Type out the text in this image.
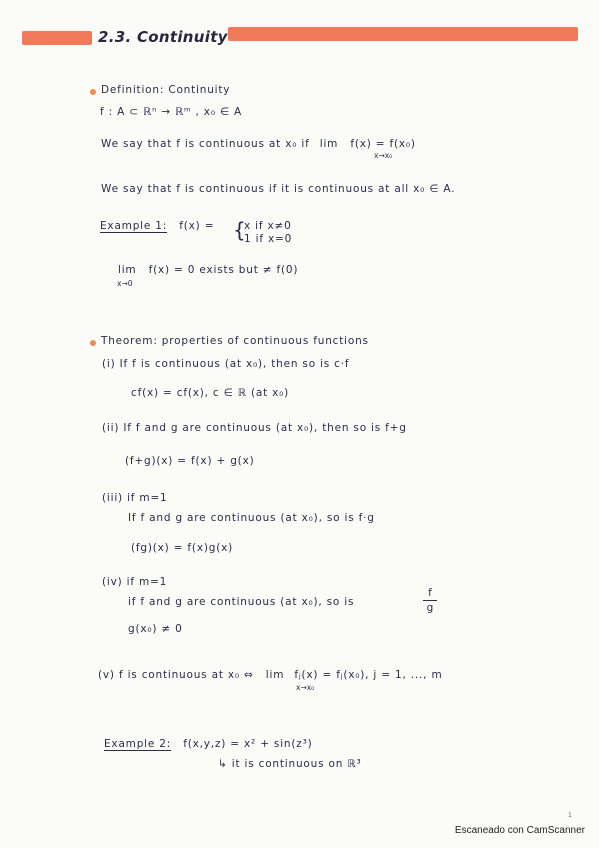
2.3. Continuity
Definition: Continuity
f : A ⊂ ℝⁿ → ℝᵐ , x₀ ∈ A
We say that f is continuous at x₀ if lim f(x) = f(x₀)
x→x₀
We say that f is continuous if it is continuous at all x₀ ∈ A.
Example 1: f(x) = {
x if x≠0
1 if x=0
lim f(x) = 0 exists but ≠ f(0)
x→0
Theorem: properties of continuous functions
(i) If f is continuous (at x₀), then so is c·f
cf(x) = cf(x), c ∈ ℝ (at x₀)
(ii) If f and g are continuous (at x₀), then so is f+g
(f+g)(x) = f(x) + g(x)
(iii) if m=1
If f and g are continuous (at x₀), so is f·g
(fg)(x) = f(x)g(x)
(iv) if m=1
if f and g are continuous (at x₀), so is
f
g
g(x₀) ≠ 0
(v) f is continuous at x₀ ⇔ lim fⱼ(x) = fⱼ(x₀), j = 1, ..., m
x→x₀
Example 2: f(x,y,z) = x² + sin(z³)
↳ it is continuous on ℝ³
1
Escaneado con CamScanner
